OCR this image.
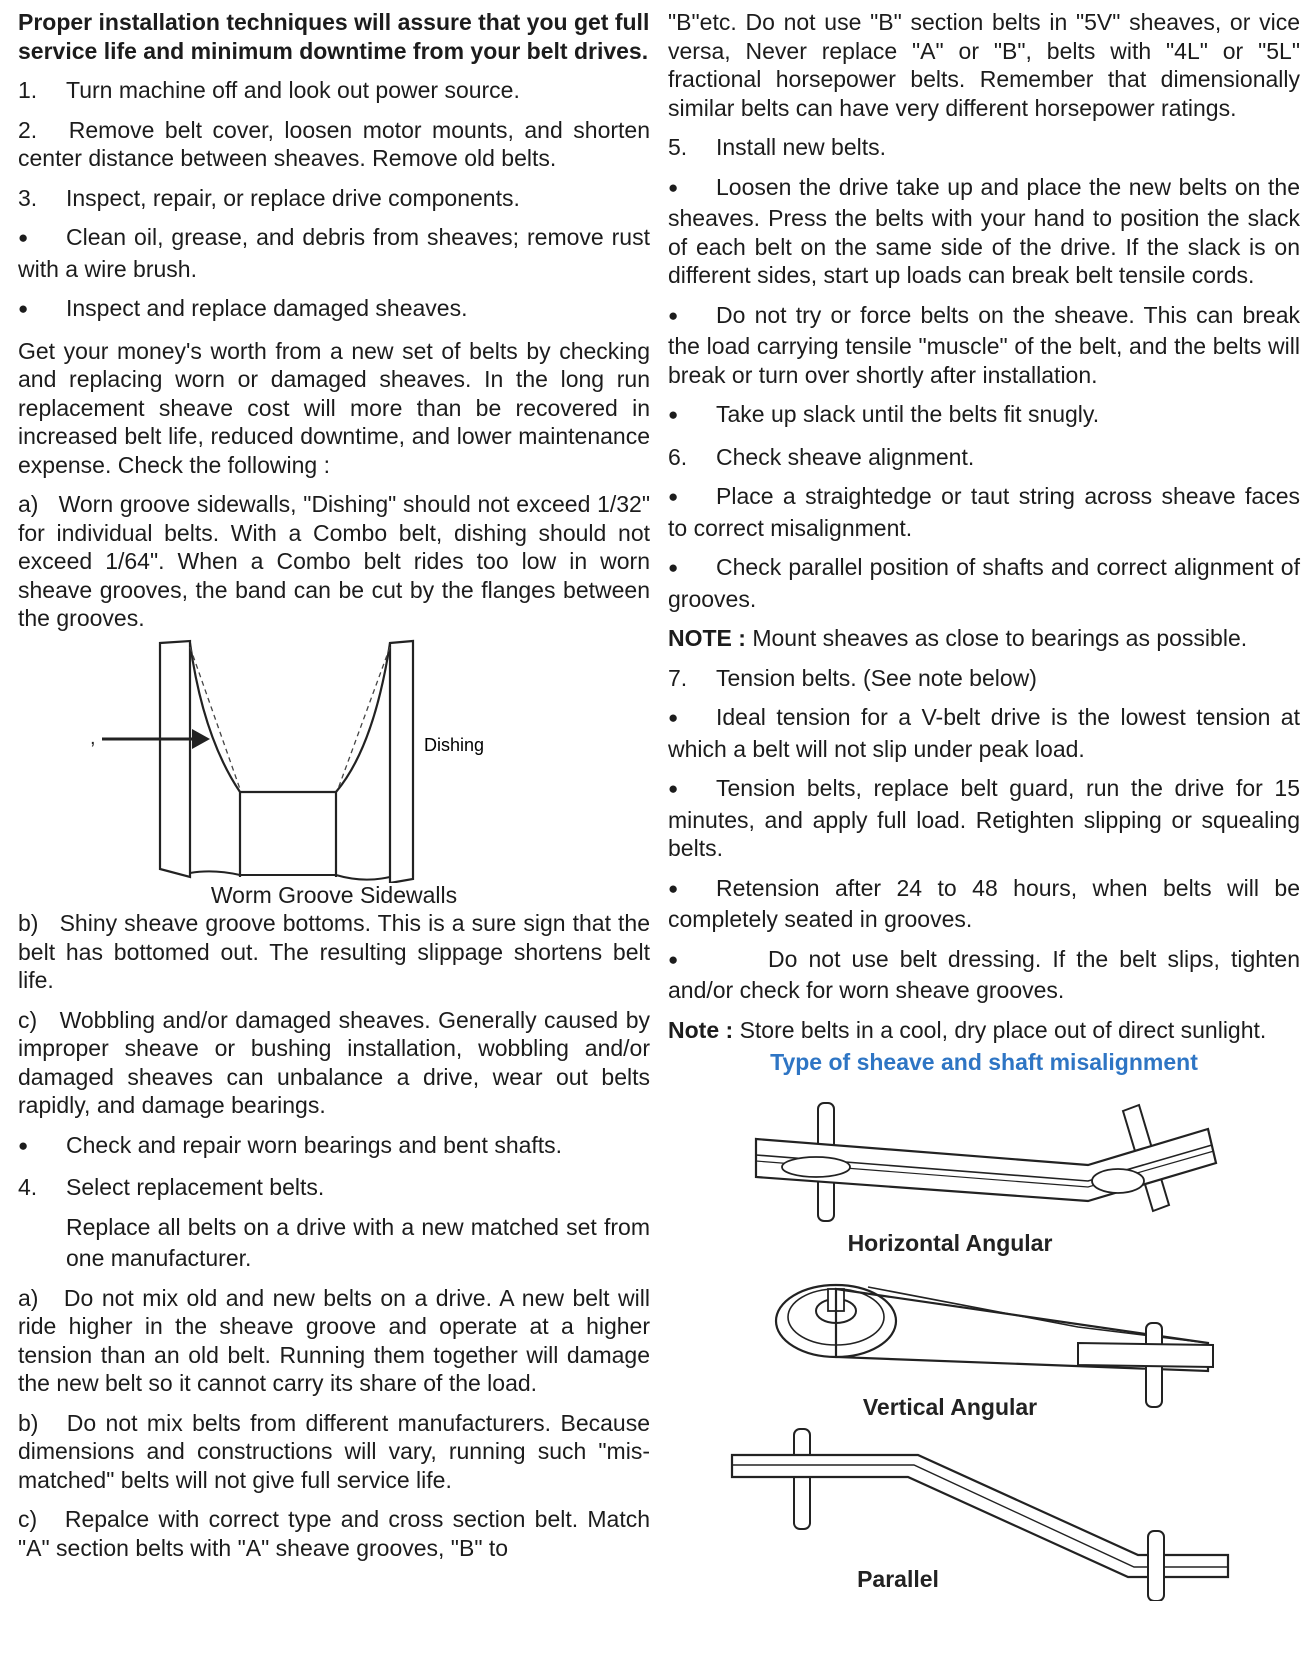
Proper installation techniques will assure that you get full service life and minimum downtime from your belt drives.

1. Turn machine off and look out power source.

2. Remove belt cover, loosen motor mounts, and shorten center distance between sheaves. Remove old belts.

3. Inspect, repair, or replace drive components.

●Clean oil, grease, and debris from sheaves; remove rust with a wire brush.

●Inspect and replace damaged sheaves.

Get your money's worth from a new set of belts by checking and replacing worn or damaged sheaves. In the long run replacement sheave cost will more than be recovered in increased belt life, reduced downtime, and lower maintenance expense. Check the following :

a)   Worn groove sidewalls, "Dishing" should not exceed 1/32" for individual belts. With a Combo belt, dishing should not exceed 1/64". When a Combo belt rides too low in worn sheave grooves, the band can be cut by the flanges between the grooves.

,	Dishing

Worm Groove Sidewalls

b)   Shiny sheave groove bottoms. This is a sure sign that the belt has bottomed out. The resulting slippage shortens belt life.

c)   Wobbling and/or damaged sheaves. Generally caused by improper sheave or bushing installation, wobbling and/or damaged sheaves can unbalance a drive, wear out belts rapidly, and damage bearings.

●Check and repair worn bearings and bent shafts.

4. Select replacement belts.

●Replace all belts on a drive with a new matched set from one manufacturer.

a)   Do not mix old and new belts on a drive. A new belt will ride higher in the sheave groove and operate at a higher tension than an old belt. Running them together will damage the new belt so it cannot carry its share of the load.

b)   Do not mix belts from different manufacturers. Because dimensions and constructions will vary, running such "mis-matched" belts will not give full service life.

c)   Repalce with correct type and cross section belt. Match "A" section belts with "A" sheave grooves, "B" to

"B"etc. Do not use "B" section belts in "5V" sheaves, or vice versa, Never replace "A" or "B", belts with "4L" or "5L" fractional horsepower belts. Remember that dimensionally similar belts can have very different horsepower ratings.

5. Install new belts.

●Loosen the drive take up and place the new belts on the sheaves. Press the belts with your hand to position the slack of each belt on the same side of the drive. If the slack is on different sides, start up loads can break belt tensile cords.

●Do not try or force belts on the sheave. This can break the load carrying tensile "muscle" of the belt, and the belts will break or turn over shortly after installation.

●Take up slack until the belts fit snugly.

6. Check sheave alignment.

●Place a straightedge or taut string across sheave faces to correct misalignment.

●Check parallel position of shafts and correct alignment of grooves.

NOTE : Mount sheaves as close to bearings as possible.

7. Tension belts. (See note below)

●Ideal tension for a V-belt drive is the lowest tension at which a belt will not slip under peak load.

●Tension belts, replace belt guard, run the drive for 15 minutes, and apply full load. Retighten slipping or squealing belts.

●Retension after 24 to 48 hours, when belts will be completely seated in grooves.

●Do not use belt dressing. If the belt slips, tighten and/or check for worn sheave grooves.

Note : Store belts in a cool, dry place out of direct sunlight.

Type of sheave and shaft misalignment

Horizontal Angular
Vertical Angular
Parallel
